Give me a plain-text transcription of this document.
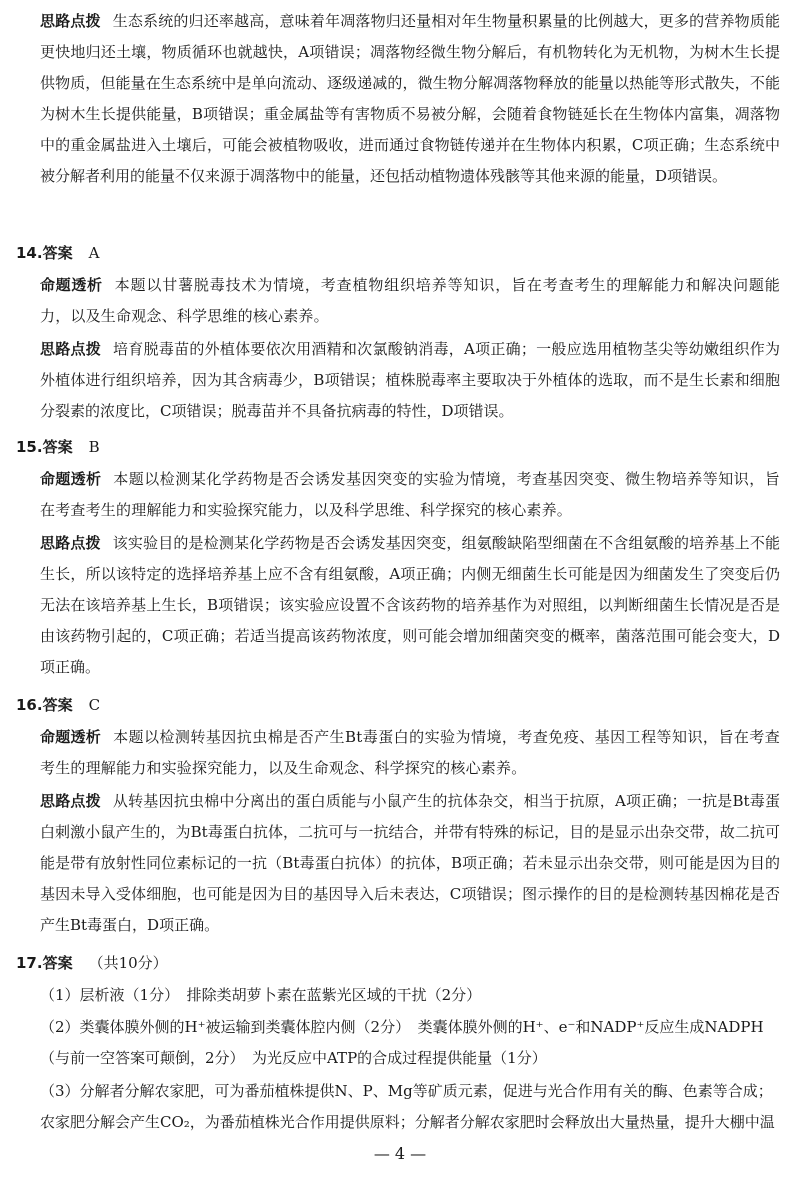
思路点拨 生态系统的归还率越高，意味着年凋落物归还量相对年生物量积累量的比例越大，更多的营养物质能更快地归还土壤，物质循环也就越快，A项错误；凋落物经微生物分解后，有机物转化为无机物，为树木生长提供物质，但能量在生态系统中是单向流动、逐级递减的，微生物分解凋落物释放的能量以热能等形式散失，不能为树木生长提供能量，B项错误；重金属盐等有害物质不易被分解，会随着食物链延长在生物体内富集，凋落物中的重金属盐进入土壤后，可能会被植物吸收，进而通过食物链传递并在生物体内积累，C项正确；生态系统中被分解者利用的能量不仅来源于凋落物中的能量，还包括动植物遗体残骸等其他来源的能量，D项错误。
14.答案 A
命题透析 本题以甘薯脱毒技术为情境，考查植物组织培养等知识，旨在考查考生的理解能力和解决问题能力，以及生命观念、科学思维的核心素养。
思路点拨 培育脱毒苗的外植体要依次用酒精和次氯酸钠消毒，A项正确；一般应选用植物茎尖等幼嫩组织作为外植体进行组织培养，因为其含病毒少，B项错误；植株脱毒率主要取决于外植体的选取，而不是生长素和细胞分裂素的浓度比，C项错误；脱毒苗并不具备抗病毒的特性，D项错误。
15.答案 B
命题透析 本题以检测某化学药物是否会诱发基因突变的实验为情境，考查基因突变、微生物培养等知识，旨在考查考生的理解能力和实验探究能力，以及科学思维、科学探究的核心素养。
思路点拨 该实验目的是检测某化学药物是否会诱发基因突变，组氨酸缺陷型细菌在不含组氨酸的培养基上不能生长，所以该特定的选择培养基上应不含有组氨酸，A项正确；内侧无细菌生长可能是因为细菌发生了突变后仍无法在该培养基上生长，B项错误；该实验应设置不含该药物的培养基作为对照组，以判断细菌生长情况是否是由该药物引起的，C项正确；若适当提高该药物浓度，则可能会增加细菌突变的概率，菌落范围可能会变大，D项正确。
16.答案 C
命题透析 本题以检测转基因抗虫棉是否产生Bt毒蛋白的实验为情境，考查免疫、基因工程等知识，旨在考查考生的理解能力和实验探究能力，以及生命观念、科学探究的核心素养。
思路点拨 从转基因抗虫棉中分离出的蛋白质能与小鼠产生的抗体杂交，相当于抗原，A项正确；一抗是Bt毒蛋白刺激小鼠产生的，为Bt毒蛋白抗体，二抗可与一抗结合，并带有特殊的标记，目的是显示出杂交带，故二抗可能是带有放射性同位素标记的一抗（Bt毒蛋白抗体）的抗体，B项正确；若未显示出杂交带，则可能是因为目的基因未导入受体细胞，也可能是因为目的基因导入后未表达，C项错误；图示操作的目的是检测转基因棉花是否产生Bt毒蛋白，D项正确。
17.答案 （共10分）
（1）层析液（1分）　排除类胡萝卜素在蓝紫光区域的干扰（2分）
（2）类囊体膜外侧的H⁺被运输到类囊体腔内侧（2分）　类囊体膜外侧的H⁺、e⁻和NADP⁺反应生成NADPH（与前一空答案可颠倒，2分）　为光反应中ATP的合成过程提供能量（1分）
（3）分解者分解农家肥，可为番茄植株提供N、P、Mg等矿质元素，促进与光合作用有关的酶、色素等合成；农家肥分解会产生CO₂，为番茄植株光合作用提供原料；分解者分解农家肥时会释放出大量热量，提升大棚中温
— 4 —
